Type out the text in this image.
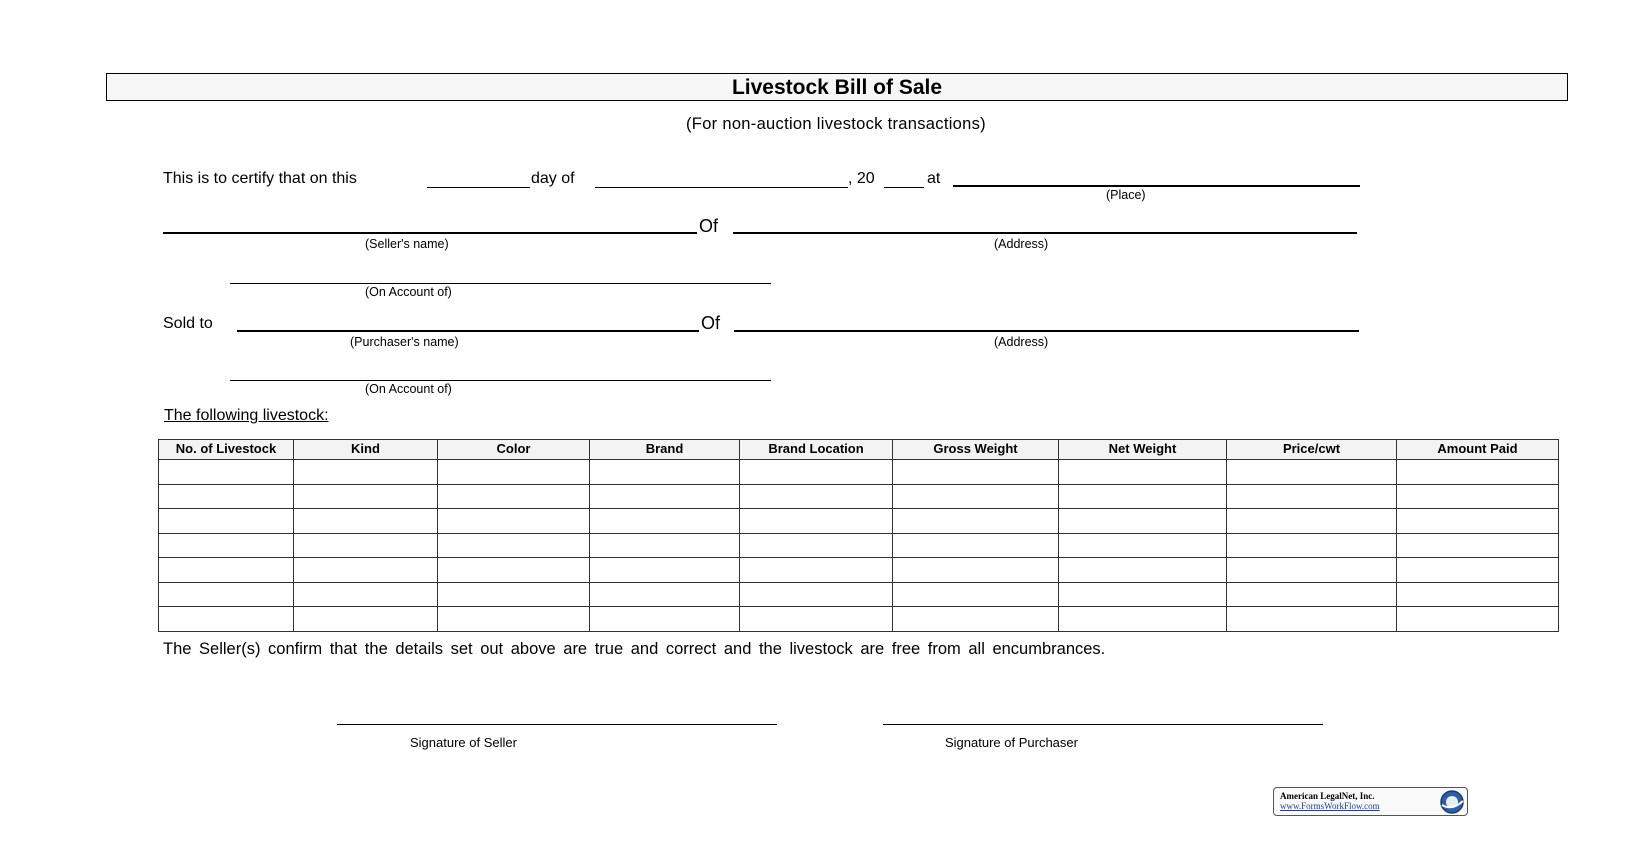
Livestock Bill of Sale
(For non-auction livestock transactions)
This is to certify that on this	day of	, 20	at
(Place)
Of
(Seller's name)	(Address)
(On Account of)
Sold to	Of
(Purchaser's name)	(Address)
(On Account of)
The following livestock:
No. of Livestock	Kind	Color	Brand	Brand Location	Gross Weight	Net Weight	Price/cwt	Amount Paid

The Seller(s) confirm that the details set out above are true and correct and the livestock are free from all encumbrances.
Signature of Seller	Signature of Purchaser
American LegalNet, Inc.
www.FormsWorkFlow.com
